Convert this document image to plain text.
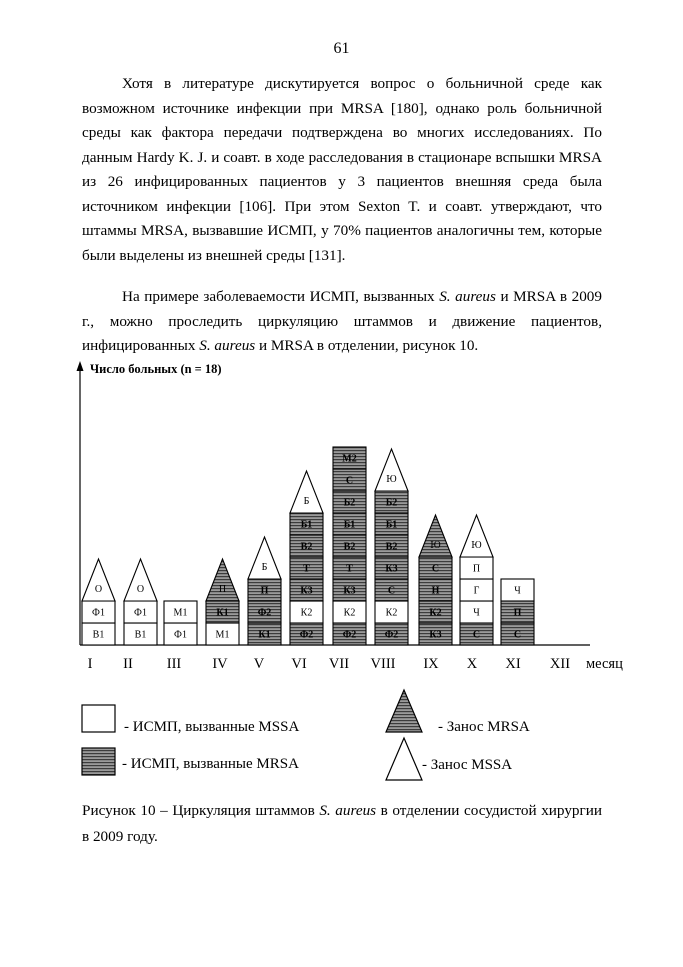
61

Хотя в литературе дискутируется вопрос о больничной среде как возможном источнике инфекции при MRSA [180], однако роль больничной среды как фактора передачи подтверждена во многих исследованиях. По данным Hardy K. J. и соавт. в ходе расследования в стационаре вспышки MRSA из 26 инфицированных пациентов у 3 пациентов внешняя среда была источником инфекции [106]. При этом Sexton T. и соавт. утверждают, что штаммы MRSA, вызвавшие ИСМП, у 70% пациентов аналогичны тем, которые были выделены из внешней среды [131].

На примере заболеваемости ИСМП, вызванных S. aureus и MRSA в 2009 г., можно проследить циркуляцию штаммов и движение пациентов, инфицированных S. aureus и MRSA в отделении, рисунок 10.

Число больных (n = 18)
месяц
I II III IV V VI VII VIII IX X XI XII
В1
Ф1
О
В1
Ф1
О
Ф1
М1
М1
К1
П
К1
Ф2
П
Б
Ф2
К2
К3
Т
В2
Б1
Б
Ф2
К2
К3
Т
В2
Б1
Б2
С
М2
Ф2
К2
С
К3
В2
Б1
Б2
Ю
К3
К2
Н
С
Ю
С
Ч
Г
П
Ю
С
П
Ч
- ИСМП, вызванные MSSA
- ИСМП, вызванные MRSA
- Занос MRSA
- Занос MSSA

Рисунок 10 – Циркуляция штаммов S. aureus в отделении сосудистой хирургии в 2009 году.
